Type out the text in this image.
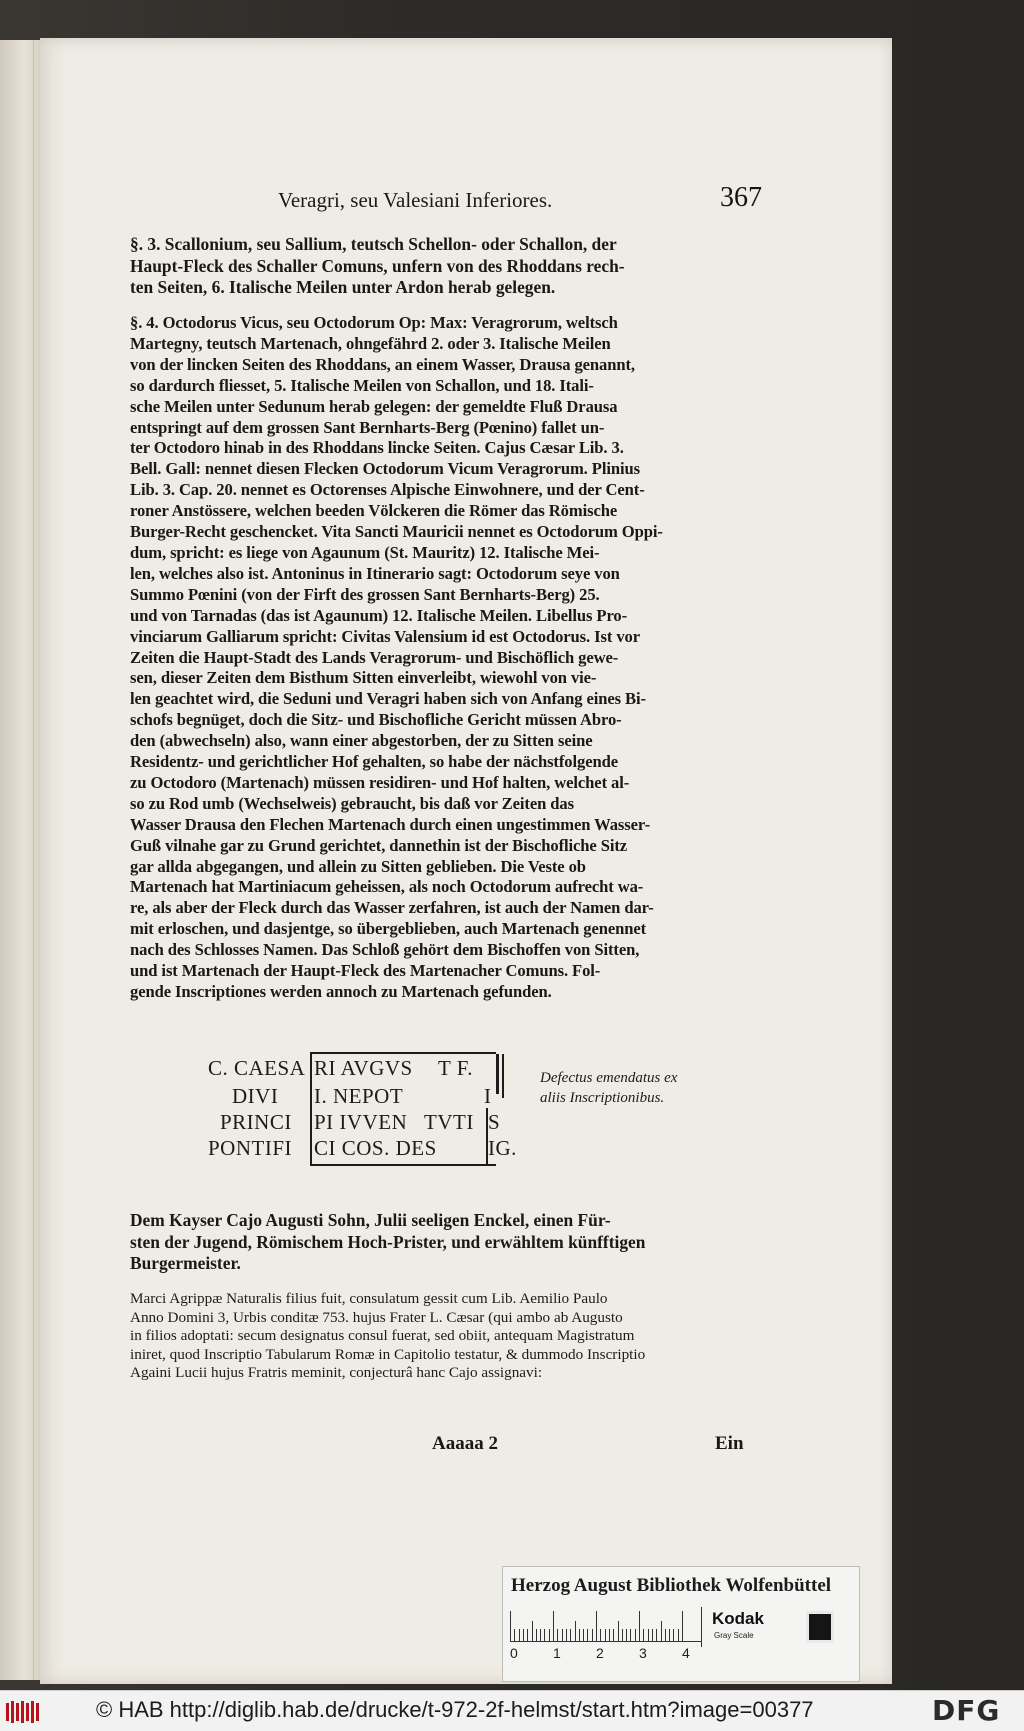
Veragri, seu Valesiani Inferiores.	367
§. 3. Scallonium, seu Sallium, teutsch Schellon- oder Schallon, der
Haupt-Fleck des Schaller Comuns, unfern von des Rhoddans rech-
ten Seiten, 6. Italische Meilen unter Ardon herab gelegen.
§. 4. Octodorus Vicus, seu Octodorum Op: Max: Veragrorum, weltsch
Martegny, teutsch Martenach, ohngefährd 2. oder 3. Italische Meilen
von der lincken Seiten des Rhoddans, an einem Wasser, Drausa genannt,
so dardurch fliesset, 5. Italische Meilen von Schallon, und 18. Itali-
sche Meilen unter Sedunum herab gelegen: der gemeldte Fluß Drausa
entspringt auf dem grossen Sant Bernharts-Berg (Pœnino) fallet un-
ter Octodoro hinab in des Rhoddans lincke Seiten. Cajus Cæsar Lib. 3.
Bell. Gall: nennet diesen Flecken Octodorum Vicum Veragrorum. Plinius
Lib. 3. Cap. 20. nennet es Octorenses Alpische Einwohnere, und der Cent-
roner Anstössere, welchen beeden Völckeren die Römer das Römische
Burger-Recht geschencket. Vita Sancti Mauricii nennet es Octodorum Oppi-
dum, spricht: es liege von Agaunum (St. Mauritz) 12. Italische Mei-
len, welches also ist. Antoninus in Itinerario sagt: Octodorum seye von
Summo Pœnini (von der Firft des grossen Sant Bernharts-Berg) 25.
und von Tarnadas (das ist Agaunum) 12. Italische Meilen. Libellus Pro-
vinciarum Galliarum spricht: Civitas Valensium id est Octodorus. Ist vor
Zeiten die Haupt-Stadt des Lands Veragrorum- und Bischöflich gewe-
sen, dieser Zeiten dem Bisthum Sitten einverleibt, wiewohl von vie-
len geachtet wird, die Seduni und Veragri haben sich von Anfang eines Bi-
schofs begnüget, doch die Sitz- und Bischofliche Gericht müssen Abro-
den (abwechseln) also, wann einer abgestorben, der zu Sitten seine
Residentz- und gerichtlicher Hof gehalten, so habe der nächstfolgende
zu Octodoro (Martenach) müssen residiren- und Hof halten, welchet al-
so zu Rod umb (Wechselweis) gebraucht, bis daß vor Zeiten das
Wasser Drausa den Flechen Martenach durch einen ungestimmen Wasser-
Guß vilnahe gar zu Grund gerichtet, dannethin ist der Bischofliche Sitz
gar allda abgegangen, und allein zu Sitten geblieben. Die Veste ob
Martenach hat Martiniacum geheissen, als noch Octodorum aufrecht wa-
re, als aber der Fleck durch das Wasser zerfahren, ist auch der Namen dar-
mit erloschen, und dasjentge, so übergeblieben, auch Martenach genennet
nach des Schlosses Namen. Das Schloß gehört dem Bischoffen von Sitten,
und ist Martenach der Haupt-Fleck des Martenacher Comuns. Fol-
gende Inscriptiones werden annoch zu Martenach gefunden.
C. CAESA RI AVGVS T F.
DIVI I. NEPOT	I
PRINCI PI IVVEN TVTI S
PONTIFI CI COS. DES IG.
Defectus emendatus ex
aliis Inscriptionibus.
Dem Kayser Cajo Augusti Sohn, Julii seeligen Enckel, einen Für-
sten der Jugend, Römischem Hoch-Prister, und erwähltem künfftigen
Burgermeister.
Marci Agrippæ Naturalis filius fuit, consulatum gessit cum Lib. Aemilio Paulo
Anno Domini 3, Urbis conditæ 753. hujus Frater L. Cæsar (qui ambo ab Augusto
in filios adoptati: secum designatus consul fuerat, sed obiit, antequam Magistratum
iniret, quod Inscriptio Tabularum Romæ in Capitolio testatur, & dummodo Inscriptio
Againi Lucii hujus Fratris meminit, conjecturâ hanc Cajo assignavi:
Aaaaa 2	Ein
Herzog August Bibliothek Wolfenbüttel
0	1	2	3	4
Kodak
Gray Scale
© HAB http://diglib.hab.de/drucke/t-972-2f-helmst/start.htm?image=00377	DFG
